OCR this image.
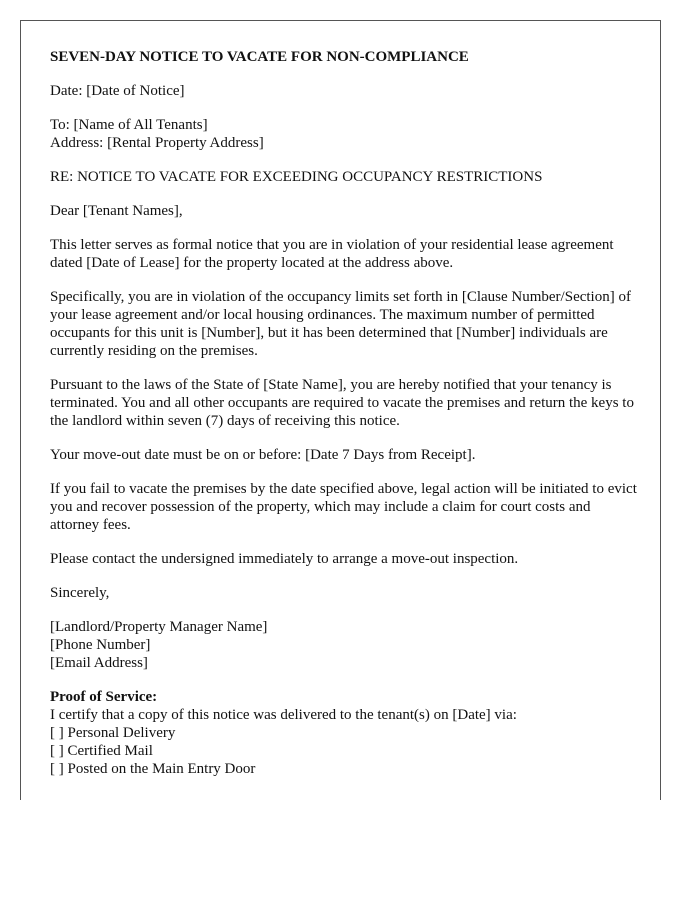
SEVEN-DAY NOTICE TO VACATE FOR NON-COMPLIANCE
Date: [Date of Notice]
To: [Name of All Tenants]
Address: [Rental Property Address]
RE: NOTICE TO VACATE FOR EXCEEDING OCCUPANCY RESTRICTIONS
Dear [Tenant Names],
This letter serves as formal notice that you are in violation of your residential lease agreement dated [Date of Lease] for the property located at the address above.
Specifically, you are in violation of the occupancy limits set forth in [Clause Number/Section] of your lease agreement and/or local housing ordinances. The maximum number of permitted occupants for this unit is [Number], but it has been determined that [Number] individuals are currently residing on the premises.
Pursuant to the laws of the State of [State Name], you are hereby notified that your tenancy is terminated. You and all other occupants are required to vacate the premises and return the keys to the landlord within seven (7) days of receiving this notice.
Your move-out date must be on or before: [Date 7 Days from Receipt].
If you fail to vacate the premises by the date specified above, legal action will be initiated to evict you and recover possession of the property, which may include a claim for court costs and attorney fees.
Please contact the undersigned immediately to arrange a move-out inspection.
Sincerely,
[Landlord/Property Manager Name]
[Phone Number]
[Email Address]
Proof of Service:
I certify that a copy of this notice was delivered to the tenant(s) on [Date] via:
[ ] Personal Delivery
[ ] Certified Mail
[ ] Posted on the Main Entry Door
